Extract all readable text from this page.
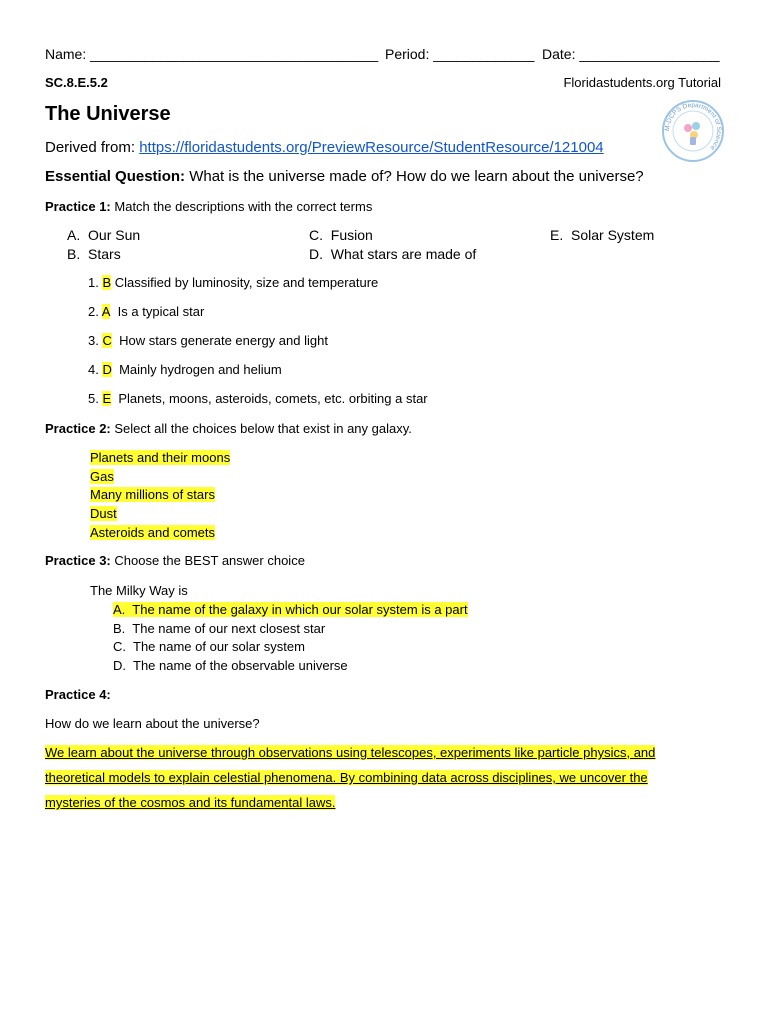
Name: _____________________________________ Period: _____________ Date: __________________
SC.8.E.5.2	Floridastudents.org Tutorial
The Universe
M-DCPS Department of Science
Derived from: https://floridastudents.org/PreviewResource/StudentResource/121004
Essential Question: What is the universe made of? How do we learn about the universe?
Practice 1: Match the descriptions with the correct terms
A. Our Sun
B. Stars
C. Fusion
D. What stars are made of
E. Solar System
1. B Classified by luminosity, size and temperature
2. A Is a typical star
3. C How stars generate energy and light
4. D Mainly hydrogen and helium
5. E Planets, moons, asteroids, comets, etc. orbiting a star
Practice 2: Select all the choices below that exist in any galaxy.
Planets and their moons
Gas
Many millions of stars
Dust
Asteroids and comets
Practice 3: Choose the BEST answer choice
The Milky Way is
A. The name of the galaxy in which our solar system is a part
B. The name of our next closest star
C. The name of our solar system
D. The name of the observable universe
Practice 4:
How do we learn about the universe?
We learn about the universe through observations using telescopes, experiments like particle physics, and
theoretical models to explain celestial phenomena. By combining data across disciplines, we uncover the
mysteries of the cosmos and its fundamental laws.
